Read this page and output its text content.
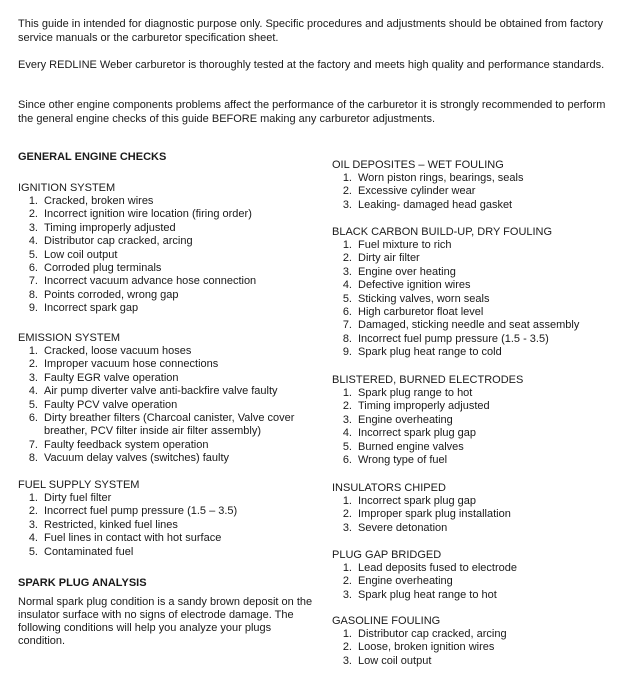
This guide in intended for diagnostic purpose only. Specific procedures and adjustments should be obtained from factory service manuals or the carburetor specification sheet.

Every REDLINE Weber carburetor is thoroughly tested at the factory and meets high quality and performance standards.

Since other engine components problems affect the performance of the carburetor it is strongly recommended to perform the general engine checks of this guide BEFORE making any carburetor adjustments.

GENERAL ENGINE CHECKS
IGNITION SYSTEM
1. Cracked, broken wires
2. Incorrect ignition wire location (firing order)
3. Timing improperly adjusted
4. Distributor cap cracked, arcing
5. Low coil output
6. Corroded plug terminals
7. Incorrect vacuum advance hose connection
8. Points corroded, wrong gap
9. Incorrect spark gap
EMISSION SYSTEM
1. Cracked, loose vacuum hoses
2. Improper vacuum hose connections
3. Faulty EGR valve operation
4. Air pump diverter valve anti-backfire valve faulty
5. Faulty PCV valve operation
6. Dirty breather filters (Charcoal canister, Valve cover breather, PCV filter inside air filter assembly)
7. Faulty feedback system operation
8. Vacuum delay valves (switches) faulty
FUEL SUPPLY SYSTEM
1. Dirty fuel filter
2. Incorrect fuel pump pressure (1.5 – 3.5)
3. Restricted, kinked fuel lines
4. Fuel lines in contact with hot surface
5. Contaminated fuel
SPARK PLUG ANALYSIS
Normal spark plug condition is a sandy brown deposit on the insulator surface with no signs of electrode damage. The following conditions will help you analyze your plugs condition.
OIL DEPOSITES – WET FOULING
1. Worn piston rings, bearings, seals
2. Excessive cylinder wear
3. Leaking- damaged head gasket
BLACK CARBON BUILD-UP, DRY FOULING
1. Fuel mixture to rich
2. Dirty air filter
3. Engine over heating
4. Defective ignition wires
5. Sticking valves, worn seals
6. High carburetor float level
7. Damaged, sticking needle and seat assembly
8. Incorrect fuel pump pressure (1.5 - 3.5)
9. Spark plug heat range to cold
BLISTERED, BURNED ELECTRODES
1. Spark plug range to hot
2. Timing improperly adjusted
3. Engine overheating
4. Incorrect spark plug gap
5. Burned engine valves
6. Wrong type of fuel
INSULATORS CHIPED
1. Incorrect spark plug gap
2. Improper spark plug installation
3. Severe detonation
PLUG GAP BRIDGED
1. Lead deposits fused to electrode
2. Engine overheating
3. Spark plug heat range to hot
GASOLINE FOULING
1. Distributor cap cracked, arcing
2. Loose, broken ignition wires
3. Low coil output
